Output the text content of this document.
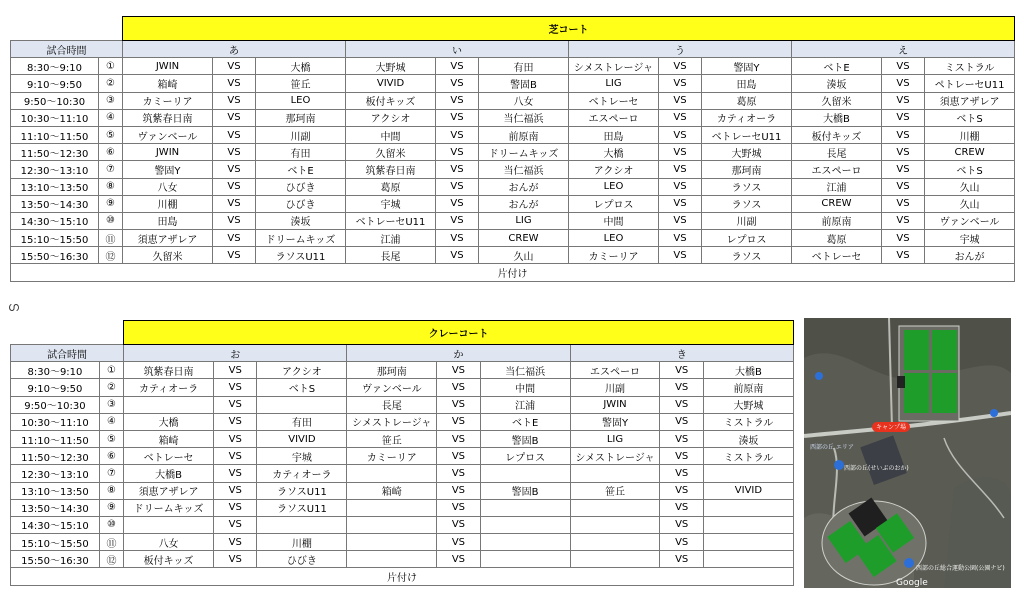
ഗ
		芝コート											
試合時間		あ			い			う			え		
8:30～9:10	①	JWIN	VS	大橋	大野城	VS	有田	シメストレージャ	VS	警固Y	ベトE	VS	ミストラル
9:10～9:50	②	箱崎	VS	笹丘	VIVID	VS	警固B	LIG	VS	田島	湊坂	VS	ペトレーセU11
9:50～10:30	③	カミーリア	VS	LEO	板付キッズ	VS	八女	ベトレーセ	VS	葛原	久留米	VS	須恵アザレア
10:30～11:10	④	筑紫春日南	VS	那珂南	アクシオ	VS	当仁福浜	エスペーロ	VS	カティオーラ	大橋B	VS	ベトS
11:10～11:50	⑤	ヴァンベール	VS	川副	中間	VS	前原南	田島	VS	ベトレーセU11	板付キッズ	VS	川棚
11:50～12:30	⑥	JWIN	VS	有田	久留米	VS	ドリームキッズ	大橋	VS	大野城	長尾	VS	CREW
12:30～13:10	⑦	警固Y	VS	ベトE	筑紫春日南	VS	当仁福浜	アクシオ	VS	那珂南	エスペーロ	VS	ベトS
13:10～13:50	⑧	八女	VS	ひびき	葛原	VS	おんが	LEO	VS	ラソス	江浦	VS	久山
13:50～14:30	⑨	川棚	VS	ひびき	宇城	VS	おんが	レプロス	VS	ラソス	CREW	VS	久山
14:30～15:10	⑩	田島	VS	湊坂	ベトレーセU11	VS	LIG	中間	VS	川副	前原南	VS	ヴァンベール
15:10～15:50	⑪	須恵アザレア	VS	ドリームキッズ	江浦	VS	CREW	LEO	VS	レプロス	葛原	VS	宇城
15:50～16:30	⑫	久留米	VS	ラソスU11	長尾	VS	久山	カミーリア	VS	ラソス	ベトレーセ	VS	おんが
片付け													
		クレーコート								
試合時間		お			か			き		
8:30～9:10	①	筑紫春日南	VS	アクシオ	那珂南	VS	当仁福浜	エスペーロ	VS	大橋B
9:10～9:50	②	カティオーラ	VS	ベトS	ヴァンベール	VS	中間	川副	VS	前原南
9:50～10:30	③		VS		長尾	VS	江浦	JWIN	VS	大野城
10:30～11:10	④	大橋	VS	有田	シメストレージャ	VS	ベトE	警固Y	VS	ミストラル
11:10～11:50	⑤	箱崎	VS	VIVID	笹丘	VS	警固B	LIG	VS	湊坂
11:50～12:30	⑥	ベトレーセ	VS	宇城	カミーリア	VS	レプロス	シメストレージャ	VS	ミストラル
12:30～13:10	⑦	大橋B	VS	カティオーラ		VS			VS	
13:10～13:50	⑧	須恵アザレア	VS	ラソスU11	箱崎	VS	警固B	笹丘	VS	VIVID
13:50～14:30	⑨	ドリームキッズ	VS	ラソスU11		VS			VS	
14:30～15:10	⑩		VS			VS			VS	
15:10～15:50	⑪	八女	VS	川棚		VS			VS	
15:50～16:30	⑫	板付キッズ	VS	ひびき		VS			VS	
片付け										
キャンプ場
西部の丘 エリア
西部の丘(せいぶのおか)
西部の丘総合運動公園(公園ナビ)
Google
